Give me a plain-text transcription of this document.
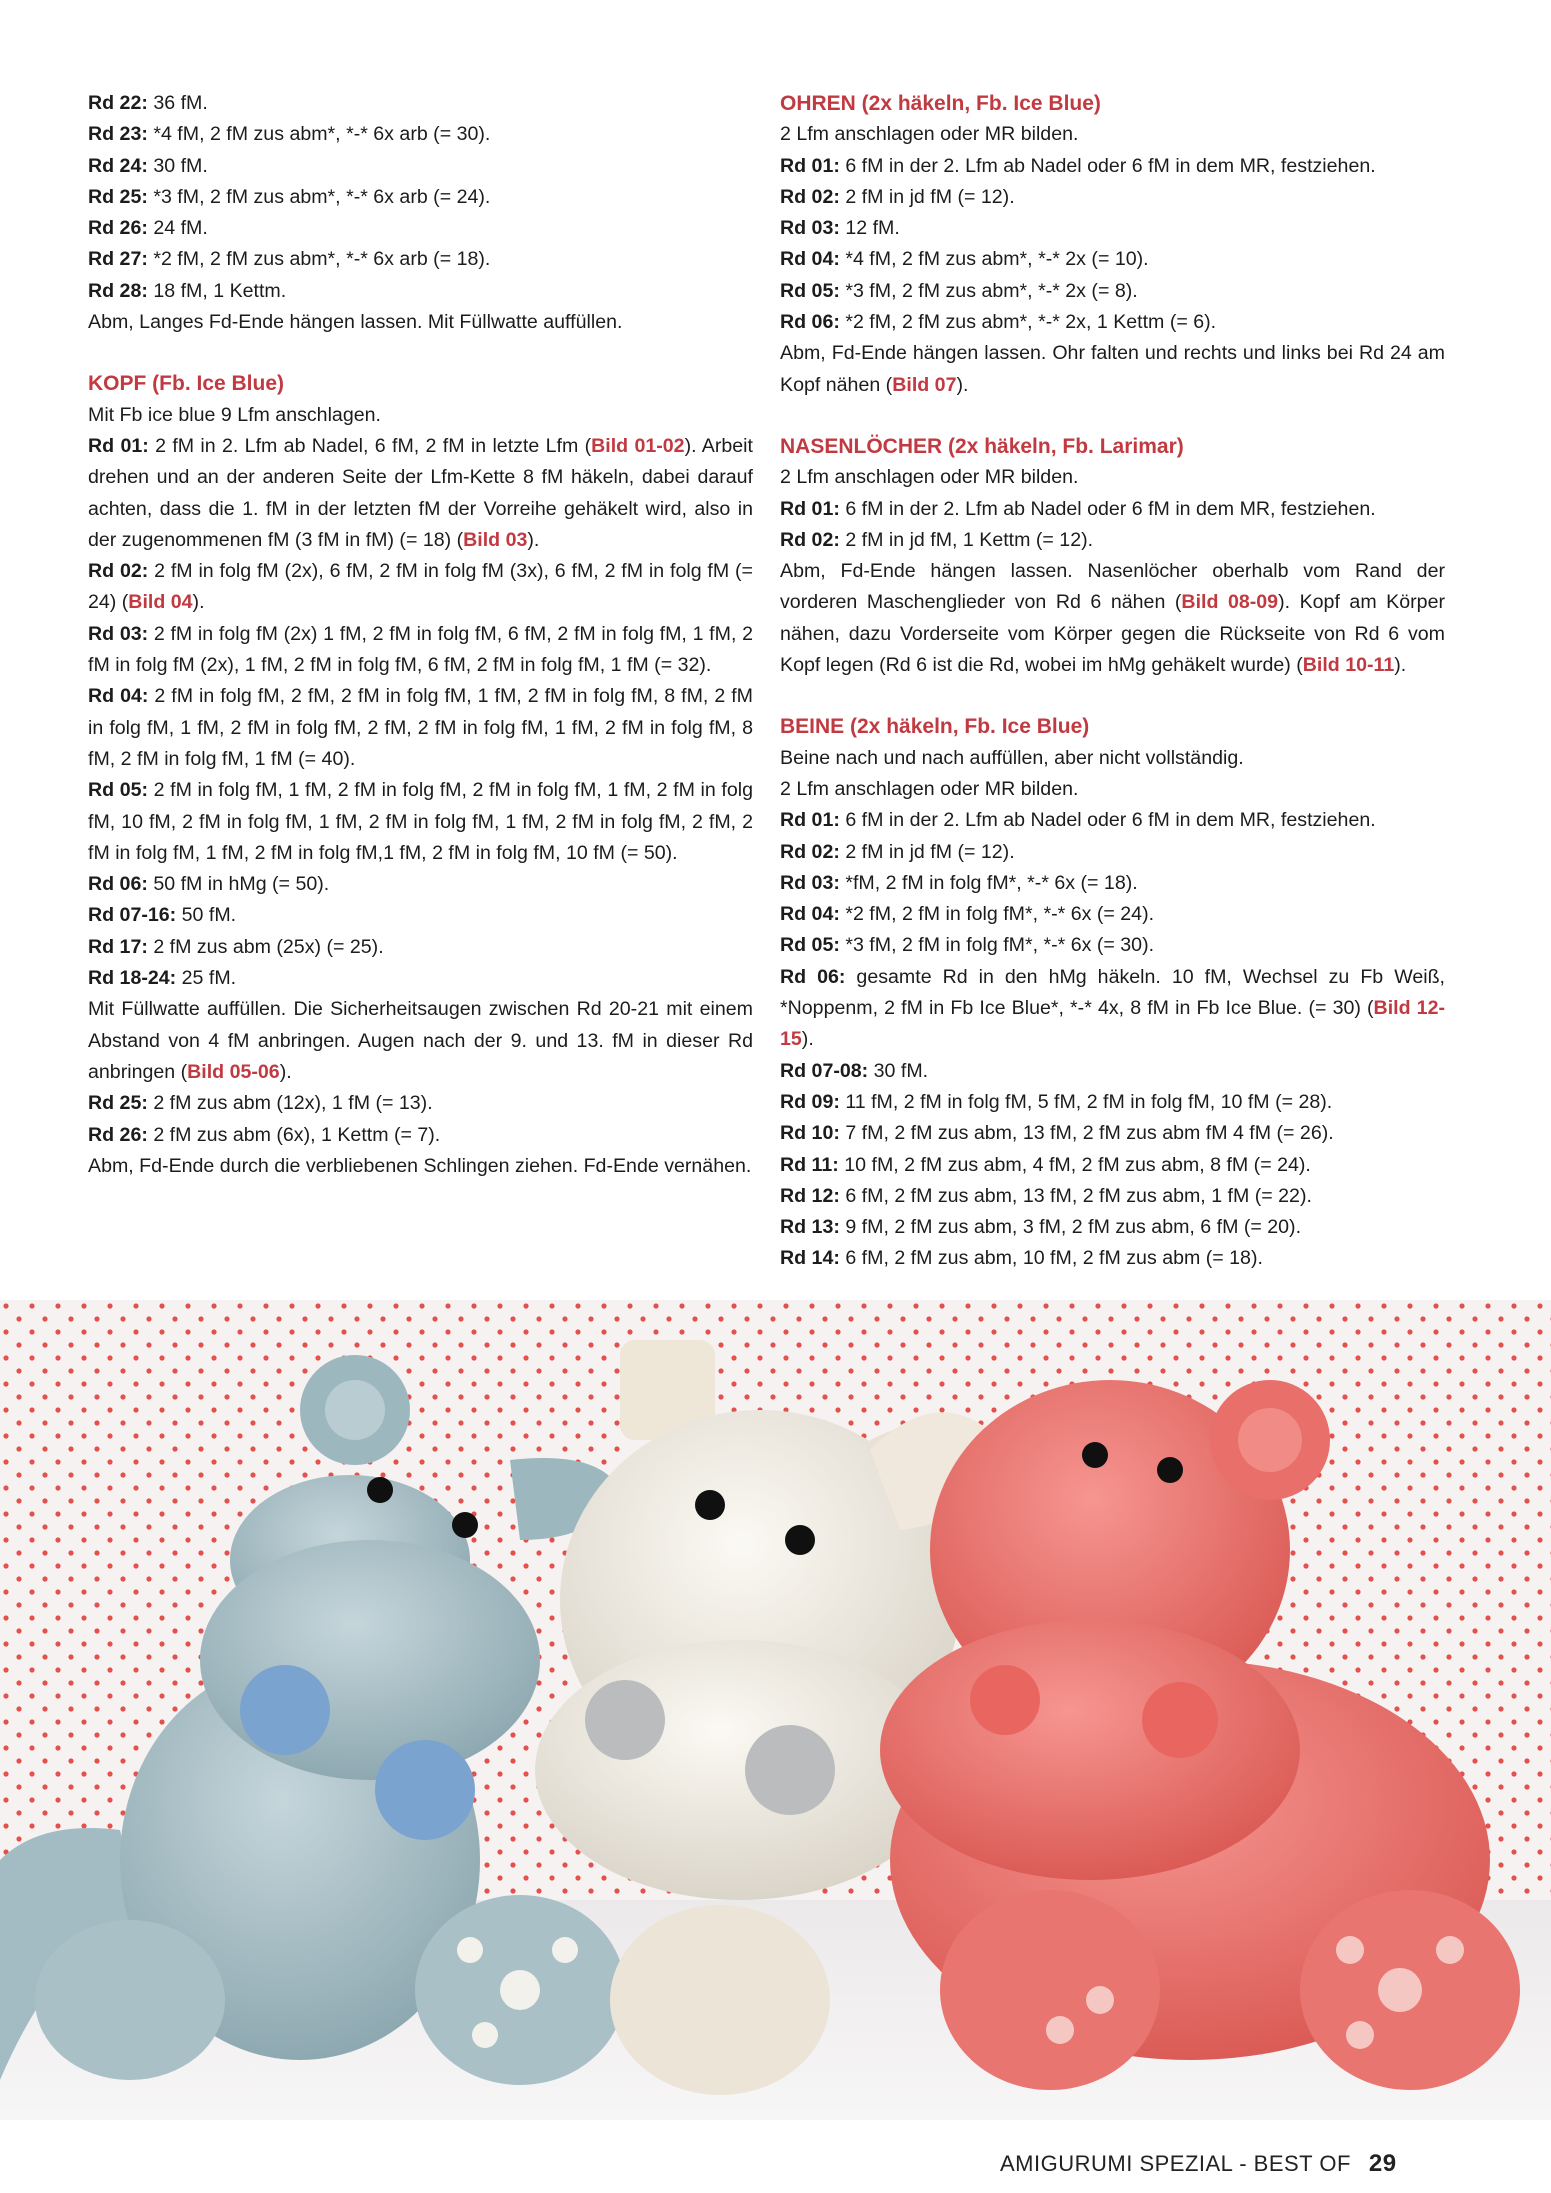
Rd 22: 36 fM.
Rd 23: *4 fM, 2 fM zus abm*, *-* 6x arb (= 30).
Rd 24: 30 fM.
Rd 25: *3 fM, 2 fM zus abm*, *-* 6x arb (= 24).
Rd 26: 24 fM.
Rd 27: *2 fM, 2 fM zus abm*, *-* 6x arb (= 18).
Rd 28: 18 fM, 1 Kettm.
Abm, Langes Fd-Ende hängen lassen. Mit Füllwatte auffüllen.
KOPF (Fb. Ice Blue)
Mit Fb ice blue 9 Lfm anschlagen.
Rd 01: 2 fM in 2. Lfm ab Nadel, 6 fM, 2 fM in letzte Lfm (Bild 01-02). Arbeit drehen und an der anderen Seite der Lfm-Kette 8 fM häkeln, dabei darauf achten, dass die 1. fM in der letzten fM der Vorreihe gehäkelt wird, also in der zugenommenen fM (3 fM in fM) (= 18) (Bild 03).
Rd 02: 2 fM in folg fM (2x), 6 fM, 2 fM in folg fM (3x), 6 fM, 2 fM in folg fM (= 24) (Bild 04).
Rd 03: 2 fM in folg fM (2x) 1 fM, 2 fM in folg fM, 6 fM, 2 fM in folg fM, 1 fM, 2 fM in folg fM (2x), 1 fM, 2 fM in folg fM, 6 fM, 2 fM in folg fM, 1 fM (= 32).
Rd 04: 2 fM in folg fM, 2 fM, 2 fM in folg fM, 1 fM, 2 fM in folg fM, 8 fM, 2 fM in folg fM, 1 fM, 2 fM in folg fM, 2 fM, 2 fM in folg fM, 1 fM, 2 fM in folg fM, 8 fM, 2 fM in folg fM, 1 fM (= 40).
Rd 05: 2 fM in folg fM, 1 fM, 2 fM in folg fM, 2 fM in folg fM, 1 fM, 2 fM in folg fM, 10 fM, 2 fM in folg fM, 1 fM, 2 fM in folg fM, 1 fM, 2 fM in folg fM, 2 fM, 2 fM in folg fM, 1 fM, 2 fM in folg fM,1 fM, 2 fM in folg fM, 10 fM (= 50).
Rd 06: 50 fM in hMg (= 50).
Rd 07-16: 50 fM.
Rd 17: 2 fM zus abm (25x) (= 25).
Rd 18-24: 25 fM.
Mit Füllwatte auffüllen. Die Sicherheitsaugen zwischen Rd 20-21 mit einem Abstand von 4 fM anbringen. Augen nach der 9. und 13. fM in dieser Rd anbringen (Bild 05-06).
Rd 25: 2 fM zus abm (12x), 1 fM (= 13).
Rd 26: 2 fM zus abm (6x), 1 Kettm (= 7).
Abm, Fd-Ende durch die verbliebenen Schlingen ziehen. Fd-Ende vernähen.
OHREN (2x häkeln, Fb. Ice Blue)
2 Lfm anschlagen oder MR bilden.
Rd 01: 6 fM in der 2. Lfm ab Nadel oder 6 fM in dem MR, festziehen.
Rd 02: 2 fM in jd fM (= 12).
Rd 03: 12 fM.
Rd 04: *4 fM, 2 fM zus abm*, *-* 2x (= 10).
Rd 05: *3 fM, 2 fM zus abm*, *-* 2x (= 8).
Rd 06: *2 fM, 2 fM zus abm*, *-* 2x, 1 Kettm (= 6).
Abm, Fd-Ende hängen lassen. Ohr falten und rechts und links bei Rd 24 am Kopf nähen (Bild 07).
NASENLÖCHER (2x häkeln, Fb. Larimar)
2 Lfm anschlagen oder MR bilden.
Rd 01: 6 fM in der 2. Lfm ab Nadel oder 6 fM in dem MR, festziehen.
Rd 02: 2 fM in jd fM, 1 Kettm (= 12).
Abm, Fd-Ende hängen lassen. Nasenlöcher oberhalb vom Rand der vorderen Maschenglieder von Rd 6 nähen (Bild 08-09). Kopf am Körper nähen, dazu Vorderseite vom Körper gegen die Rückseite von Rd 6 vom Kopf legen (Rd 6 ist die Rd, wobei im hMg gehäkelt wurde) (Bild 10-11).
BEINE (2x häkeln, Fb. Ice Blue)
Beine nach und nach auffüllen, aber nicht vollständig.
2 Lfm anschlagen oder MR bilden.
Rd 01: 6 fM in der 2. Lfm ab Nadel oder 6 fM in dem MR, festziehen.
Rd 02: 2 fM in jd fM (= 12).
Rd 03: *fM, 2 fM in folg fM*, *-* 6x (= 18).
Rd 04: *2 fM, 2 fM in folg fM*, *-* 6x (= 24).
Rd 05: *3 fM, 2 fM in folg fM*, *-* 6x (= 30).
Rd 06: gesamte Rd in den hMg häkeln. 10 fM, Wechsel zu Fb Weiß, *Noppenm, 2 fM in Fb Ice Blue*, *-* 4x, 8 fM in Fb Ice Blue. (= 30) (Bild 12-15).
Rd 07-08: 30 fM.
Rd 09: 11 fM, 2 fM in folg fM, 5 fM, 2 fM in folg fM, 10 fM (= 28).
Rd 10: 7 fM, 2 fM zus abm, 13 fM, 2 fM zus abm fM 4 fM (= 26).
Rd 11: 10 fM, 2 fM zus abm, 4 fM, 2 fM zus abm, 8 fM (= 24).
Rd 12: 6 fM, 2 fM zus abm, 13 fM, 2 fM zus abm, 1 fM (= 22).
Rd 13: 9 fM, 2 fM zus abm, 3 fM, 2 fM zus abm, 6 fM (= 20).
Rd 14: 6 fM, 2 fM zus abm, 10 fM, 2 fM zus abm (= 18).
AMIGURUMI SPEZIAL - BEST OF 29
